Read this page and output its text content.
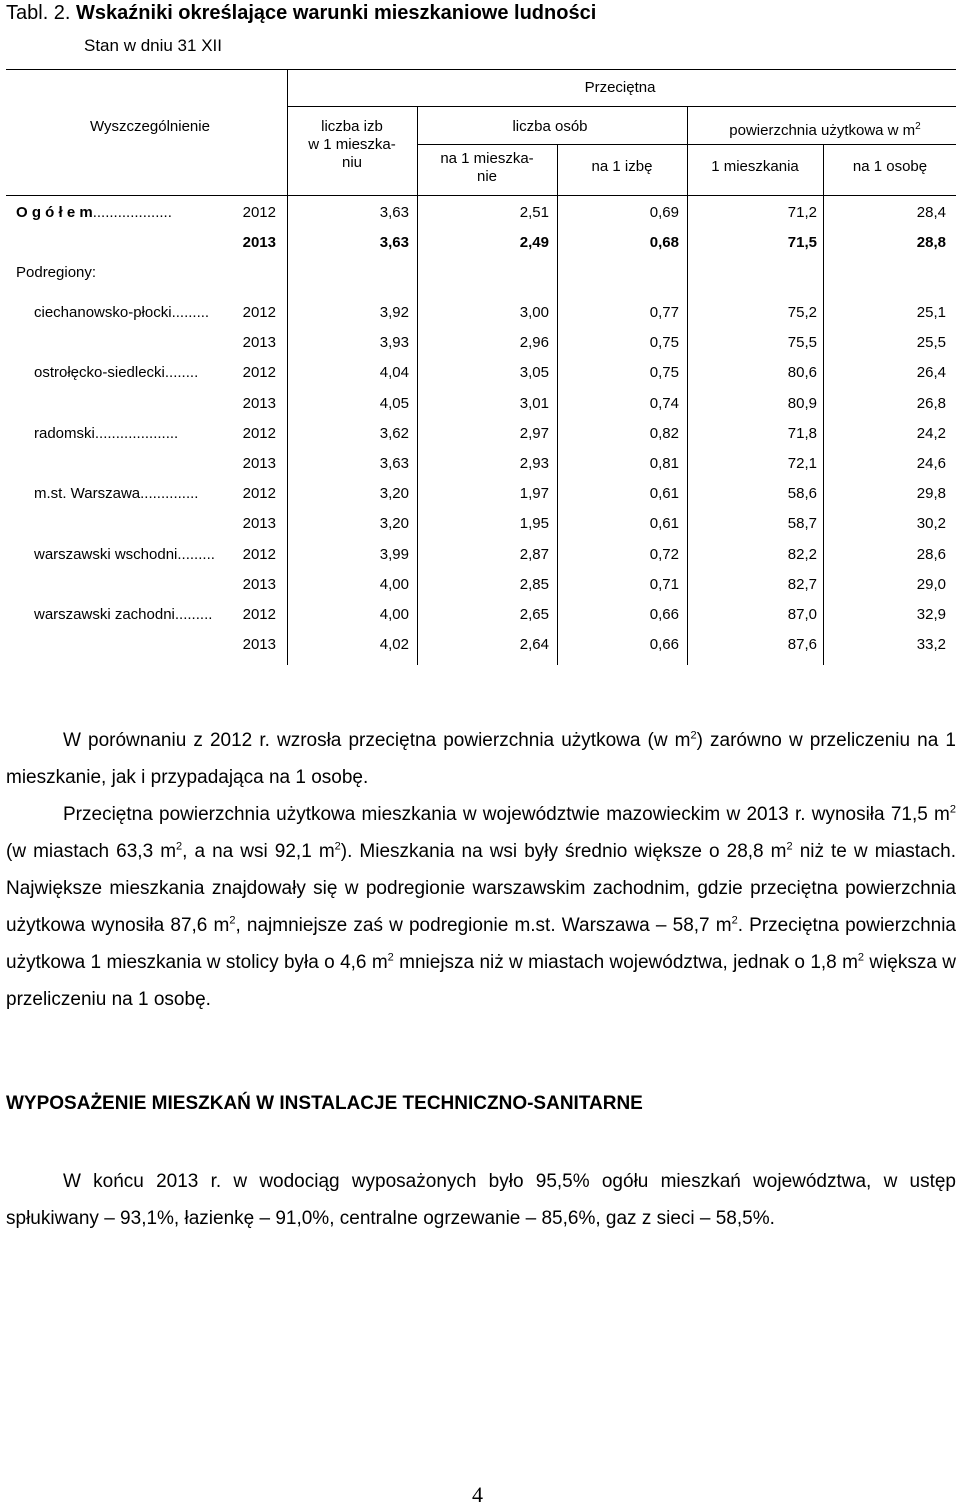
Tabl. 2. Wskaźniki określające warunki mieszkaniowe ludności
Stan w dniu 31 XII
Wyszczególnienie
Przeciętna
liczba izb
w 1 mieszka-
niu
liczba osób	powierzchnia użytkowa w $m^2$
na 1 mieszka-
nie
na 1 izbę	1 mieszkania	na 1 osobę
O g ó ł e m...................	2012	3,63	2,51	0,69	71,2	28,4
2013	3,63	2,49	0,68	71,5	28,8
Podregiony:
ciechanowsko-płocki.........	2012	3,92	3,00	0,77	75,2	25,1
2013	3,93	2,96	0,75	75,5	25,5
ostrołęcko-siedlecki........	2012	4,04	3,05	0,75	80,6	26,4
2013	4,05	3,01	0,74	80,9	26,8
radomski....................	2012	3,62	2,97	0,82	71,8	24,2
2013	3,63	2,93	0,81	72,1	24,6
m.st. Warszawa..............	2012	3,20	1,97	0,61	58,6	29,8
2013	3,20	1,95	0,61	58,7	30,2
warszawski wschodni.........	2012	3,99	2,87	0,72	82,2	28,6
2013	4,00	2,85	0,71	82,7	29,0
warszawski zachodni.........	2012	4,00	2,65	0,66	87,0	32,9
2013	4,02	2,64	0,66	87,6	33,2

W porównaniu z 2012 r. wzrosła przeciętna powierzchnia użytkowa (w $m^2$) zarówno w przeliczeniu na 1 mieszkanie, jak i przypadająca na 1 osobę.

Przeciętna powierzchnia użytkowa mieszkania w województwie mazowieckim w 2013 r. wynosiła 71,5 $m^2$ (w miastach 63,3 $m^2$, a na wsi 92,1 $m^2$). Mieszkania na wsi były średnio większe o 28,8 $m^2$ niż te w miastach. Największe mieszkania znajdowały się w podregionie warszawskim zachodnim, gdzie przeciętna powierzchnia użytkowa wynosiła 87,6 $m^2$, najmniejsze zaś w podregionie m.st. Warszawa – 58,7 $m^2$. Przeciętna powierzchnia użytkowa 1 mieszkania w stolicy była o 4,6 $m^2$ mniejsza niż w miastach województwa, jednak o 1,8 $m^2$ większa w przeliczeniu na 1 osobę.

WYPOSAŻENIE MIESZKAŃ W INSTALACJE TECHNICZNO-SANITARNE

W końcu 2013 r. w wodociąg wyposażonych było 95,5% ogółu mieszkań województwa, w ustęp spłukiwany – 93,1%, łazienkę – 91,0%, centralne ogrzewanie – 85,6%, gaz z sieci – 58,5%.

4
